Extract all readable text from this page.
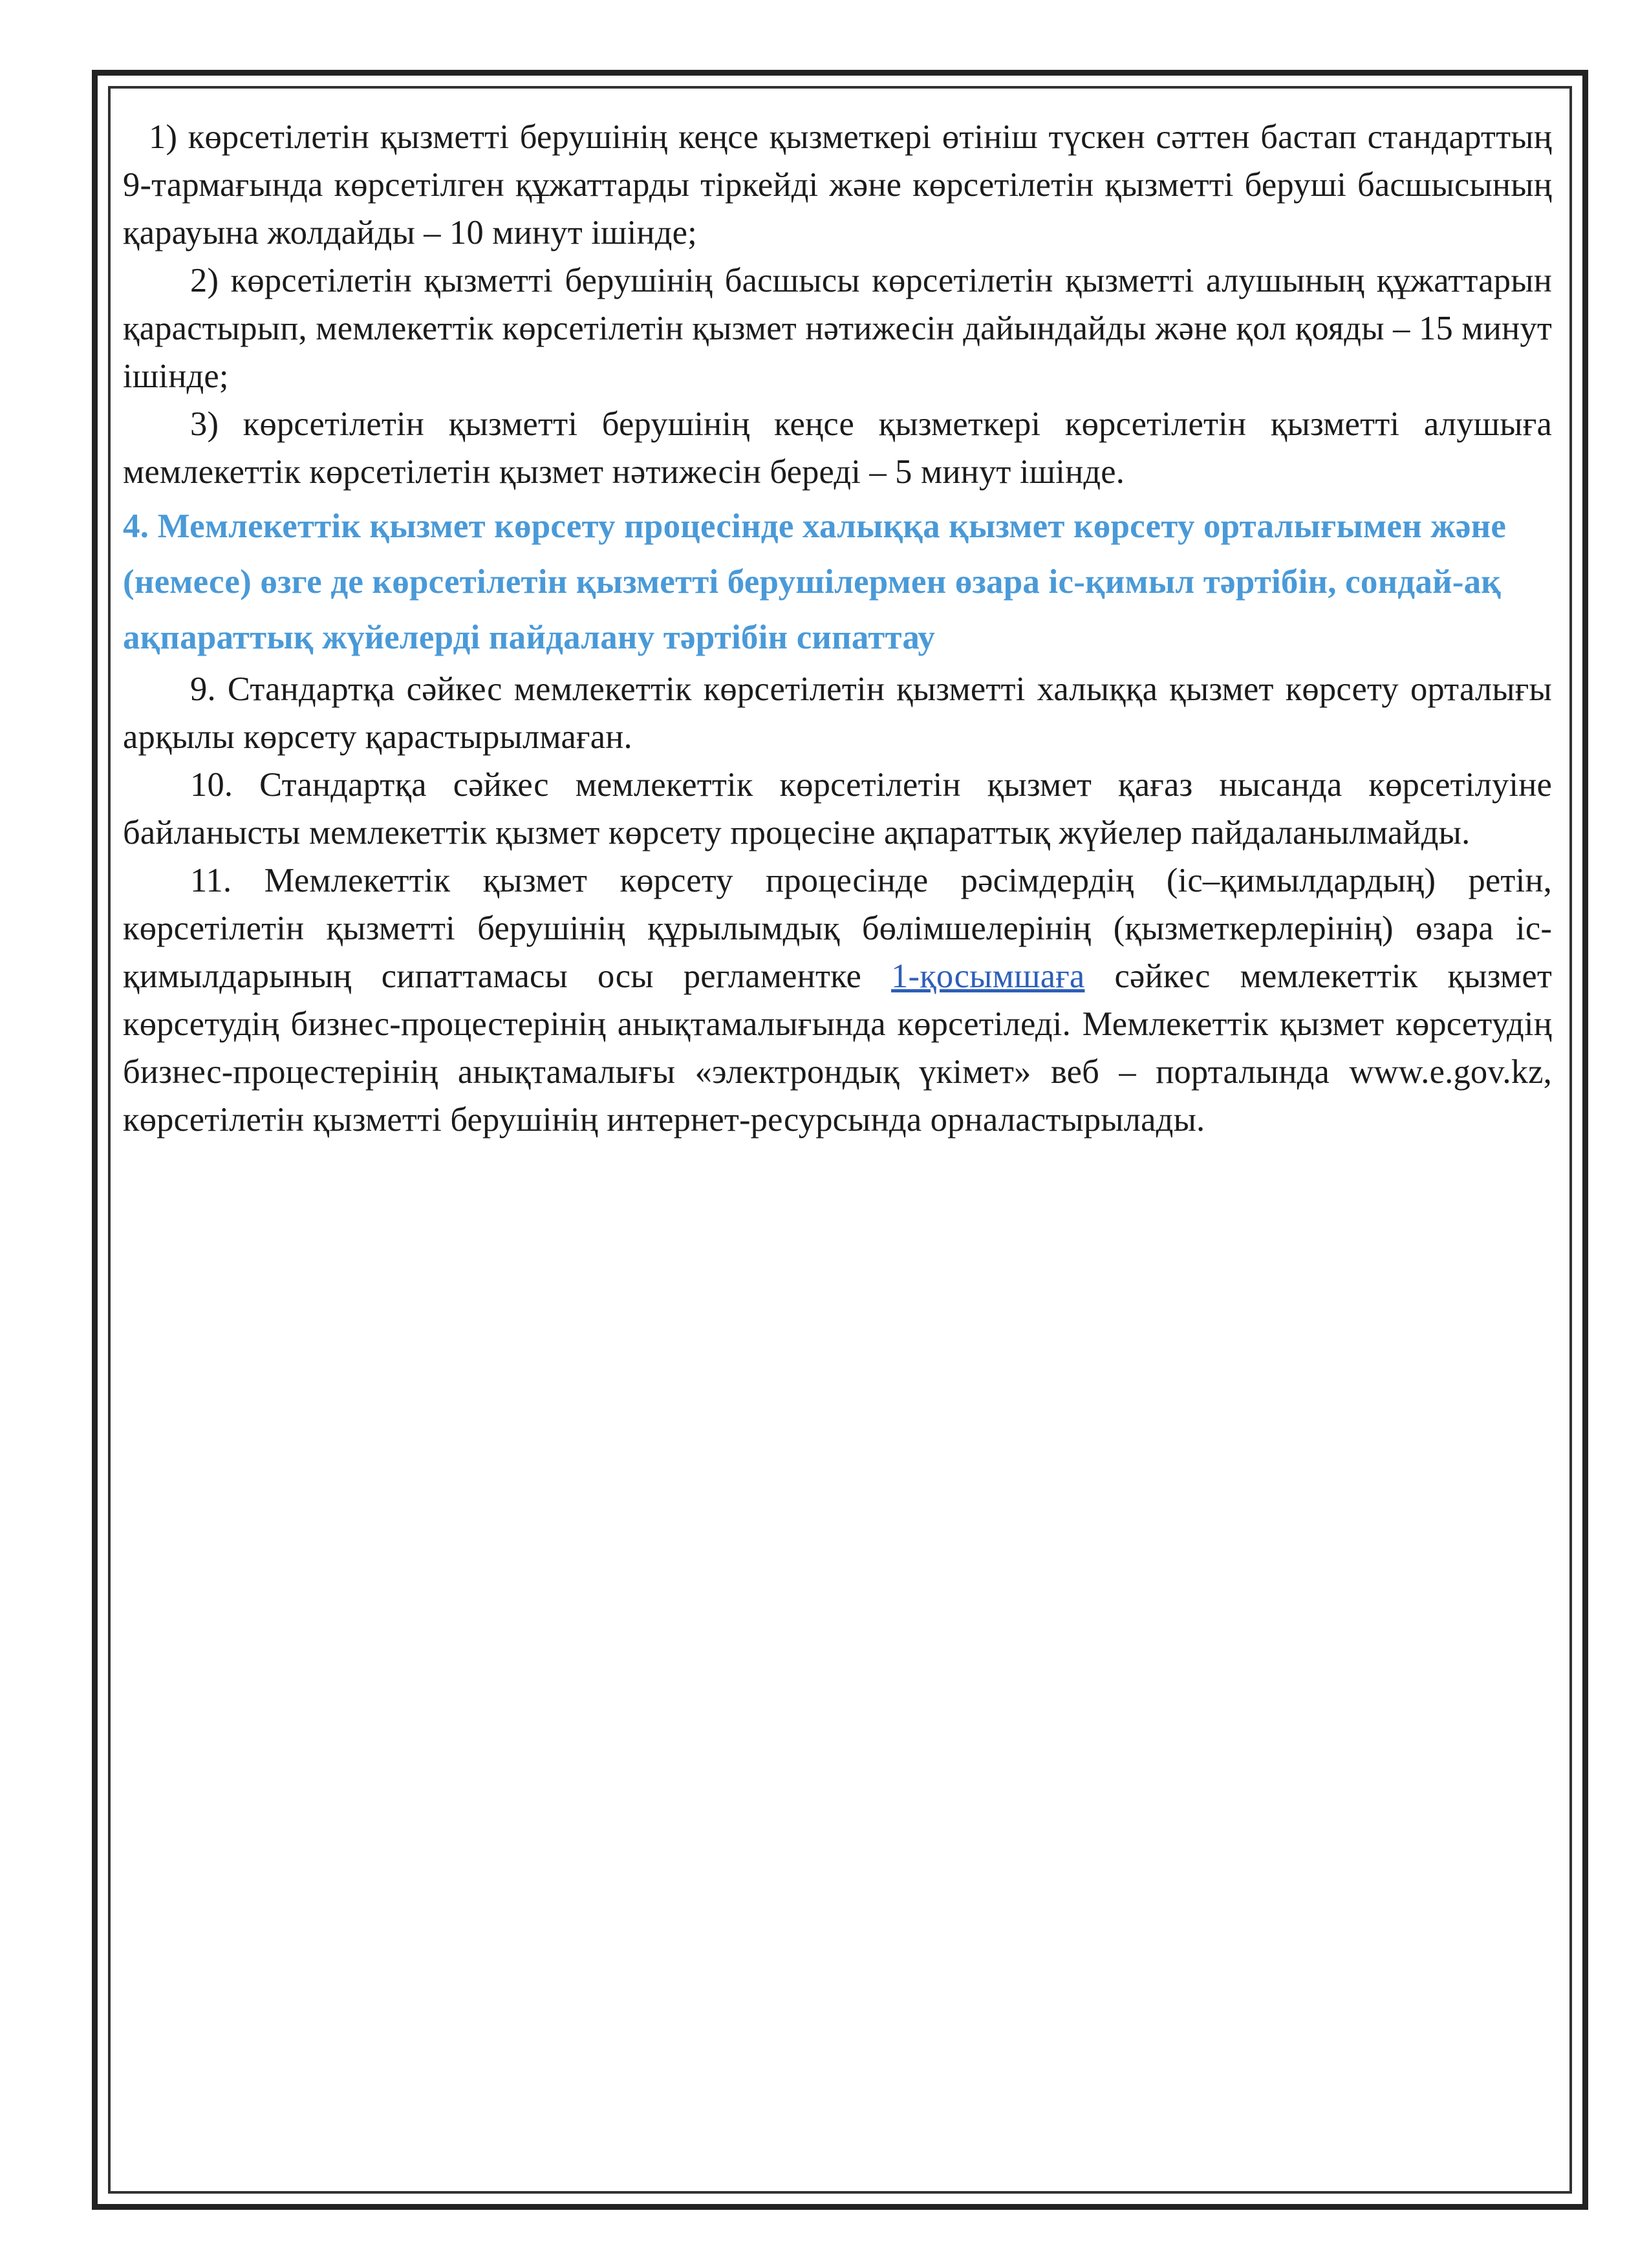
1) көрсетілетін қызметті берушінің кеңсе қызметкері өтініш түскен сәттен бастап стандарттың 9-тармағында көрсетілген құжаттарды тіркейді және көрсетілетін қызметті беруші басшысының қарауына жолдайды – 10 минут ішінде;

2) көрсетілетін қызметті берушінің басшысы көрсетілетін қызметті алушының құжаттарын қарастырып, мемлекеттік көрсетілетін қызмет нәтижесін дайындайды және қол қояды – 15 минут ішінде;

3) көрсетілетін қызметті берушінің кеңсе қызметкері көрсетілетін қызметті алушыға мемлекеттік көрсетілетін қызмет нәтижесін береді – 5 минут ішінде.

4. Мемлекеттік қызмет көрсету процесінде халыққа қызмет көрсету орталығымен және (немесе) өзге де көрсетілетін қызметті берушілермен өзара іс-қимыл тәртібін, сондай-ақ ақпараттық жүйелерді пайдалану тәртібін сипаттау

9. Стандартқа сәйкес мемлекеттік көрсетілетін қызметті халыққа қызмет көрсету орталығы арқылы көрсету қарастырылмаған.

10. Стандартқа сәйкес мемлекеттік көрсетілетін қызмет қағаз нысанда көрсетілуіне байланысты мемлекеттік қызмет көрсету процесіне ақпараттық жүйелер пайдаланылмайды.

11. Мемлекеттік қызмет көрсету процесінде рәсімдердің (іс–қимылдардың) ретін, көрсетілетін қызметті берушінің құрылымдық бөлімшелерінің (қызметкерлерінің) өзара іс-қимылдарының сипаттамасы осы регламентке 1-қосымшаға сәйкес мемлекеттік қызмет көрсетудің бизнес-процестерінің анықтамалығында көрсетіледі. Мемлекеттік қызмет көрсетудің бизнес-процестерінің анықтамалығы «электрондық үкімет» веб – порталында www.e.gov.kz, көрсетілетін қызметті берушінің интернет-ресурсында орналастырылады.
